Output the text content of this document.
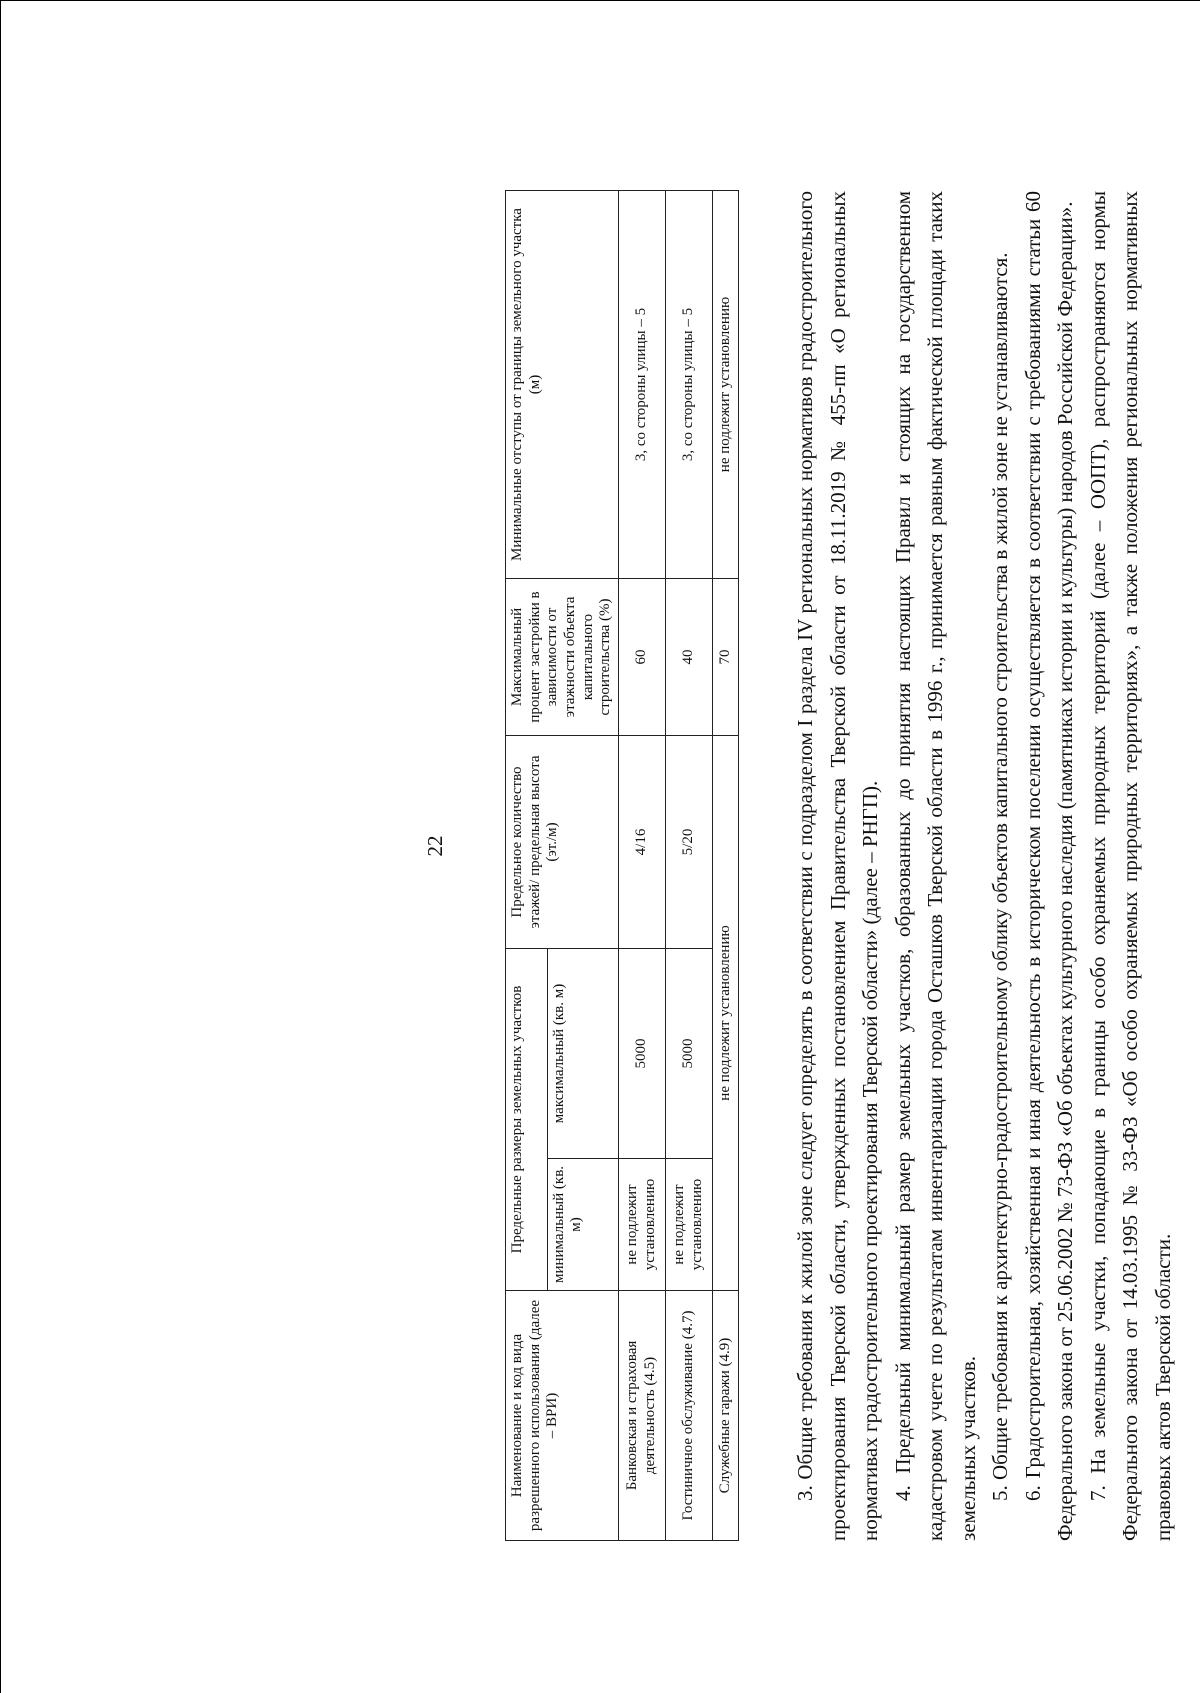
22
Наименование и код вида разрешенного использования (далее – ВРИ)	Предельные размеры земельных участков		Предельное количество этажей/ предельная высота (эт./м)	Максимальный процент застройки в зависимости от этажности объекта капитального строительства (%)	Минимальные отступы от границы земельного участка (м)
	минимальный (кв. м)	максимальный (кв. м)			
Банковская и страховая деятельность (4.5)	не подлежит установлению	5000	4/16	60	3, со стороны улицы – 5
Гостиничное обслуживание (4.7)	не подлежит установлению	5000	5/20	40	3, со стороны улицы – 5
Служебные гаражи (4.9)	не подлежит установлению			70	не подлежит установлению	3. Общие требования к жилой зоне следует определять в соответствии с подразделом I раздела IV региональных нормативов градостроительного проектирования Тверской области, утвержденных постановлением Правительства Тверской области от 18.11.2019 № 455-пп «О региональных нормативах градостроительного проектирования Тверской области» (далее – РНГП). 4. Предельный минимальный размер земельных участков, образованных до принятия настоящих Правил и стоящих на государственном кадастровом учете по результатам инвентаризации города Осташков Тверской области в 1996 г., принимается равным фактической площади таких земельных участков. 5. Общие требования к архитектурно-градостроительному облику объектов капитального строительства в жилой зоне не устанавливаются. 6. Градостроительная, хозяйственная и иная деятельность в историческом поселении осуществляется в соответствии с требованиями статьи 60 Федерального закона от 25.06.2002 № 73-ФЗ «Об объектах культурного наследия (памятниках истории и культуры) народов Российской Федерации». 7. На земельные участки, попадающие в границы особо охраняемых природных территорий (далее – ООПТ), распространяются нормы Федерального закона от 14.03.1995 № 33-ФЗ «Об особо охраняемых природных территориях», а также положения региональных нормативных правовых актов Тверской области.
